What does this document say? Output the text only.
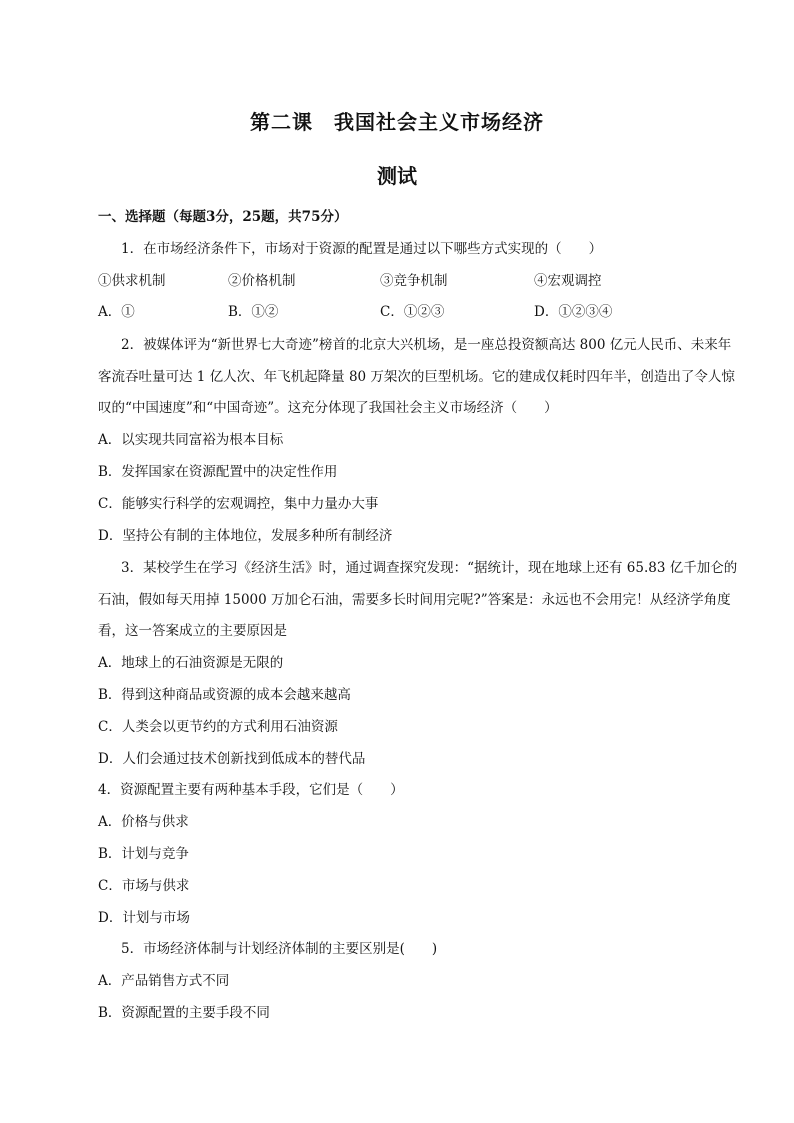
第二课　我国社会主义市场经济
测试
一、选择题（每题3分，25题，共75分）
1．在市场经济条件下，市场对于资源的配置是通过以下哪些方式实现的（　　）
①供求机制	②价格机制	③竞争机制	④宏观调控
A．①	B．①②	C．①②③	D．①②③④
2．被媒体评为“新世界七大奇迹”榜首的北京大兴机场，是一座总投资额高达 800 亿元人民币、未来年
客流吞吐量可达 1 亿人次、年飞机起降量 80 万架次的巨型机场。它的建成仅耗时四年半，创造出了令人惊
叹的“中国速度”和“中国奇迹”。这充分体现了我国社会主义市场经济（　　）
A．以实现共同富裕为根本目标
B．发挥国家在资源配置中的决定性作用
C．能够实行科学的宏观调控，集中力量办大事
D．坚持公有制的主体地位，发展多种所有制经济
3．某校学生在学习《经济生活》时，通过调查探究发现：“据统计，现在地球上还有 65.83 亿千加仑的
石油，假如每天用掉 15000 万加仑石油，需要多长时间用完呢?”答案是：永远也不会用完！从经济学角度
看，这一答案成立的主要原因是
A．地球上的石油资源是无限的
B．得到这种商品或资源的成本会越来越高
C．人类会以更节约的方式利用石油资源
D．人们会通过技术创新找到低成本的替代品
4．资源配置主要有两种基本手段，它们是（　　）
A．价格与供求
B．计划与竞争
C．市场与供求
D．计划与市场
5．市场经济体制与计划经济体制的主要区别是(　　)
A．产品销售方式不同
B．资源配置的主要手段不同
